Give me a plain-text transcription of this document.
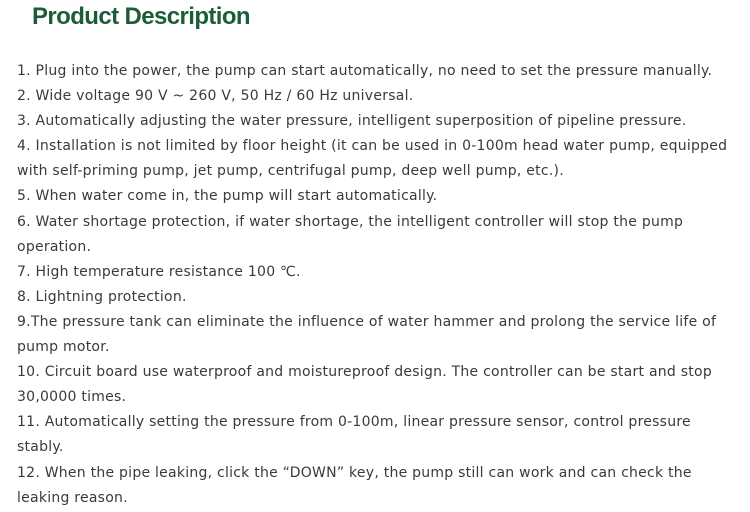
Product Description

1. Plug into the power, the pump can start automatically, no need to set the pressure manually.

2. Wide voltage 90 V ~ 260 V, 50 Hz / 60 Hz universal.

3. Automatically adjusting the water pressure, intelligent superposition of pipeline pressure.

4. Installation is not limited by floor height (it can be used in 0-100m head water pump, equipped with self-priming pump, jet pump, centrifugal pump, deep well pump, etc.).

5. When water come in, the pump will start automatically.

6. Water shortage protection, if water shortage, the intelligent controller will stop the pump operation.

7. High temperature resistance 100 ℃.

8. Lightning protection.

9.The pressure tank can eliminate the influence of water hammer and prolong the service life of pump motor.

10. Circuit board use waterproof and moistureproof design. The controller can be start and stop 30,0000 times.

11. Automatically setting the pressure from 0-100m, linear pressure sensor, control pressure stably.

12. When the pipe leaking, click the “DOWN” key, the pump still can work and can check the leaking reason.
